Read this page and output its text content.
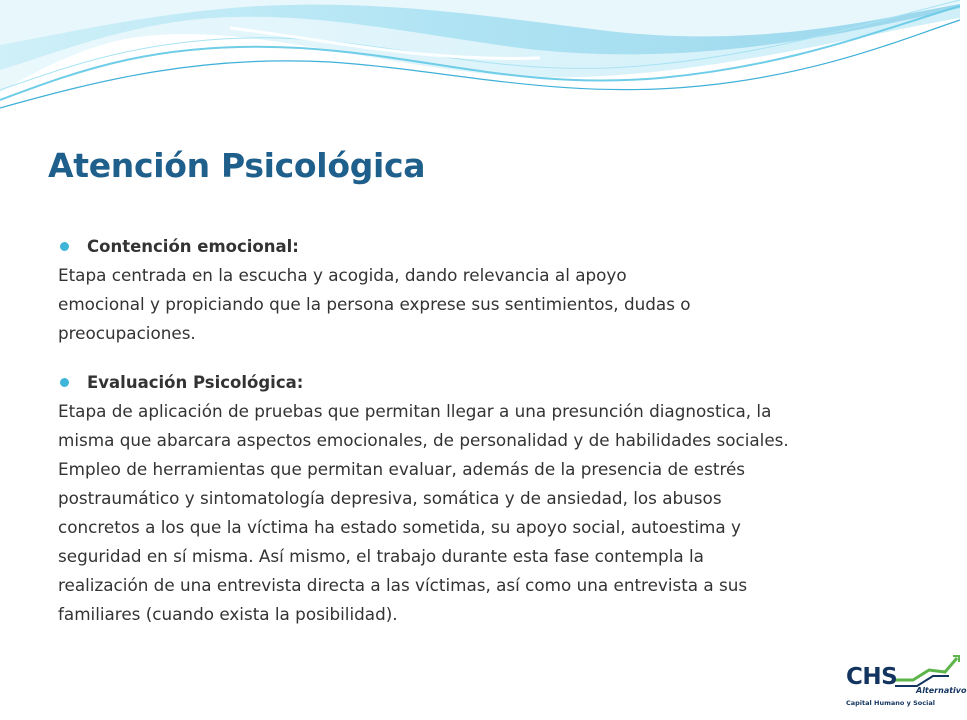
Atención Psicológica
Contención emocional:

Etapa centrada en la escucha y acogida, dando relevancia al apoyo

emocional y propiciando que la persona exprese sus sentimientos, dudas o

preocupaciones.

Evaluación Psicológica:

Etapa de aplicación de pruebas que permitan llegar a una presunción diagnostica, la

misma que abarcara aspectos emocionales, de personalidad y de habilidades sociales.

Empleo de herramientas que permitan evaluar, además de la presencia de estrés

postraumático y sintomatología depresiva, somática y de ansiedad, los abusos

concretos a los que la víctima ha estado sometida, su apoyo social, autoestima y

seguridad en sí misma. Así mismo, el trabajo durante esta fase contempla la

realización de una entrevista directa a las víctimas, así como una entrevista a sus

familiares (cuando exista la posibilidad).

CHS
Alternativo
Capital Humano y Social
